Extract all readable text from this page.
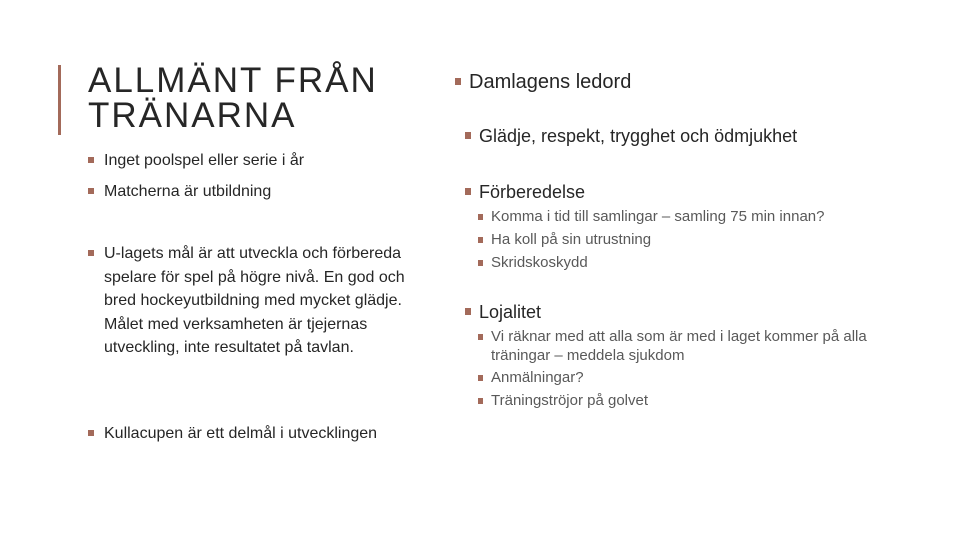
ALLMÄNT FRÅN TRÄNARNA
Inget poolspel eller serie i år
Matcherna är utbildning
U-lagets mål är att utveckla och förbereda spelare för spel på högre nivå. En god och bred hockeyutbildning med mycket glädje. Målet med verksamheten är tjejernas utveckling, inte resultatet på tavlan.
Kullacupen är ett delmål i utvecklingen
Damlagens ledord
Glädje, respekt, trygghet och ödmjukhet
Förberedelse
Komma i tid till samlingar – samling 75 min innan?
Ha koll på sin utrustning
Skridskoskydd
Lojalitet
Vi räknar med att alla som är med i laget kommer på alla träningar – meddela sjukdom
Anmälningar?
Träningströjor på golvet
